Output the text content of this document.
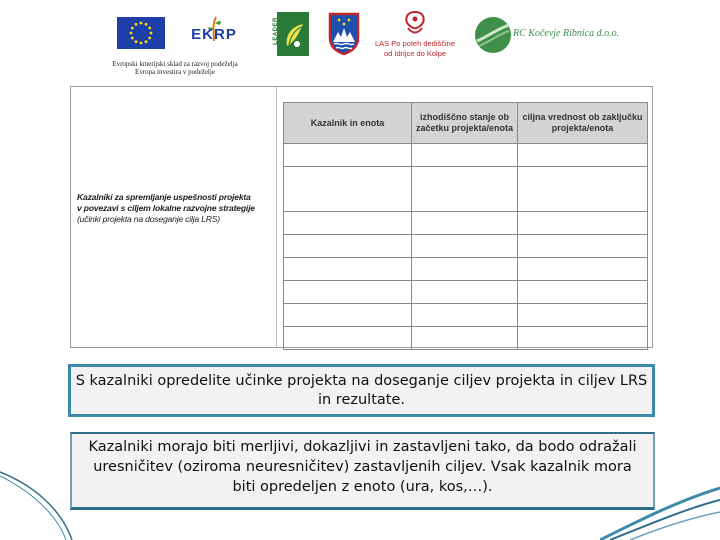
EKRP	LEADER	LAS Po poteh dediščine
od Idrijce do Kolpe
RC Kočevje Ribnica d.o.o.
Evropski kmetijski sklad za razvoj podeželja
Evropa investira v podeželje
Kazalniki za spremljanje uspešnosti projekta v povezavi s ciljem lokalne razvojne strategije (učinki projekta na doseganje cilja LRS)
Kazalnik in enota	izhodiščno stanje ob začetku projekta/enota	ciljna vrednost ob zaključku projekta/enota

S kazalniki opredelite učinke projekta na doseganje ciljev projekta in ciljev LRS in rezultate.
Kazalniki morajo biti merljivi, dokazljivi in zastavljeni tako, da bodo odražali uresničitev (oziroma neuresničitev) zastavljenih ciljev. Vsak kazalnik mora biti opredeljen z enoto (ura, kos,…).
